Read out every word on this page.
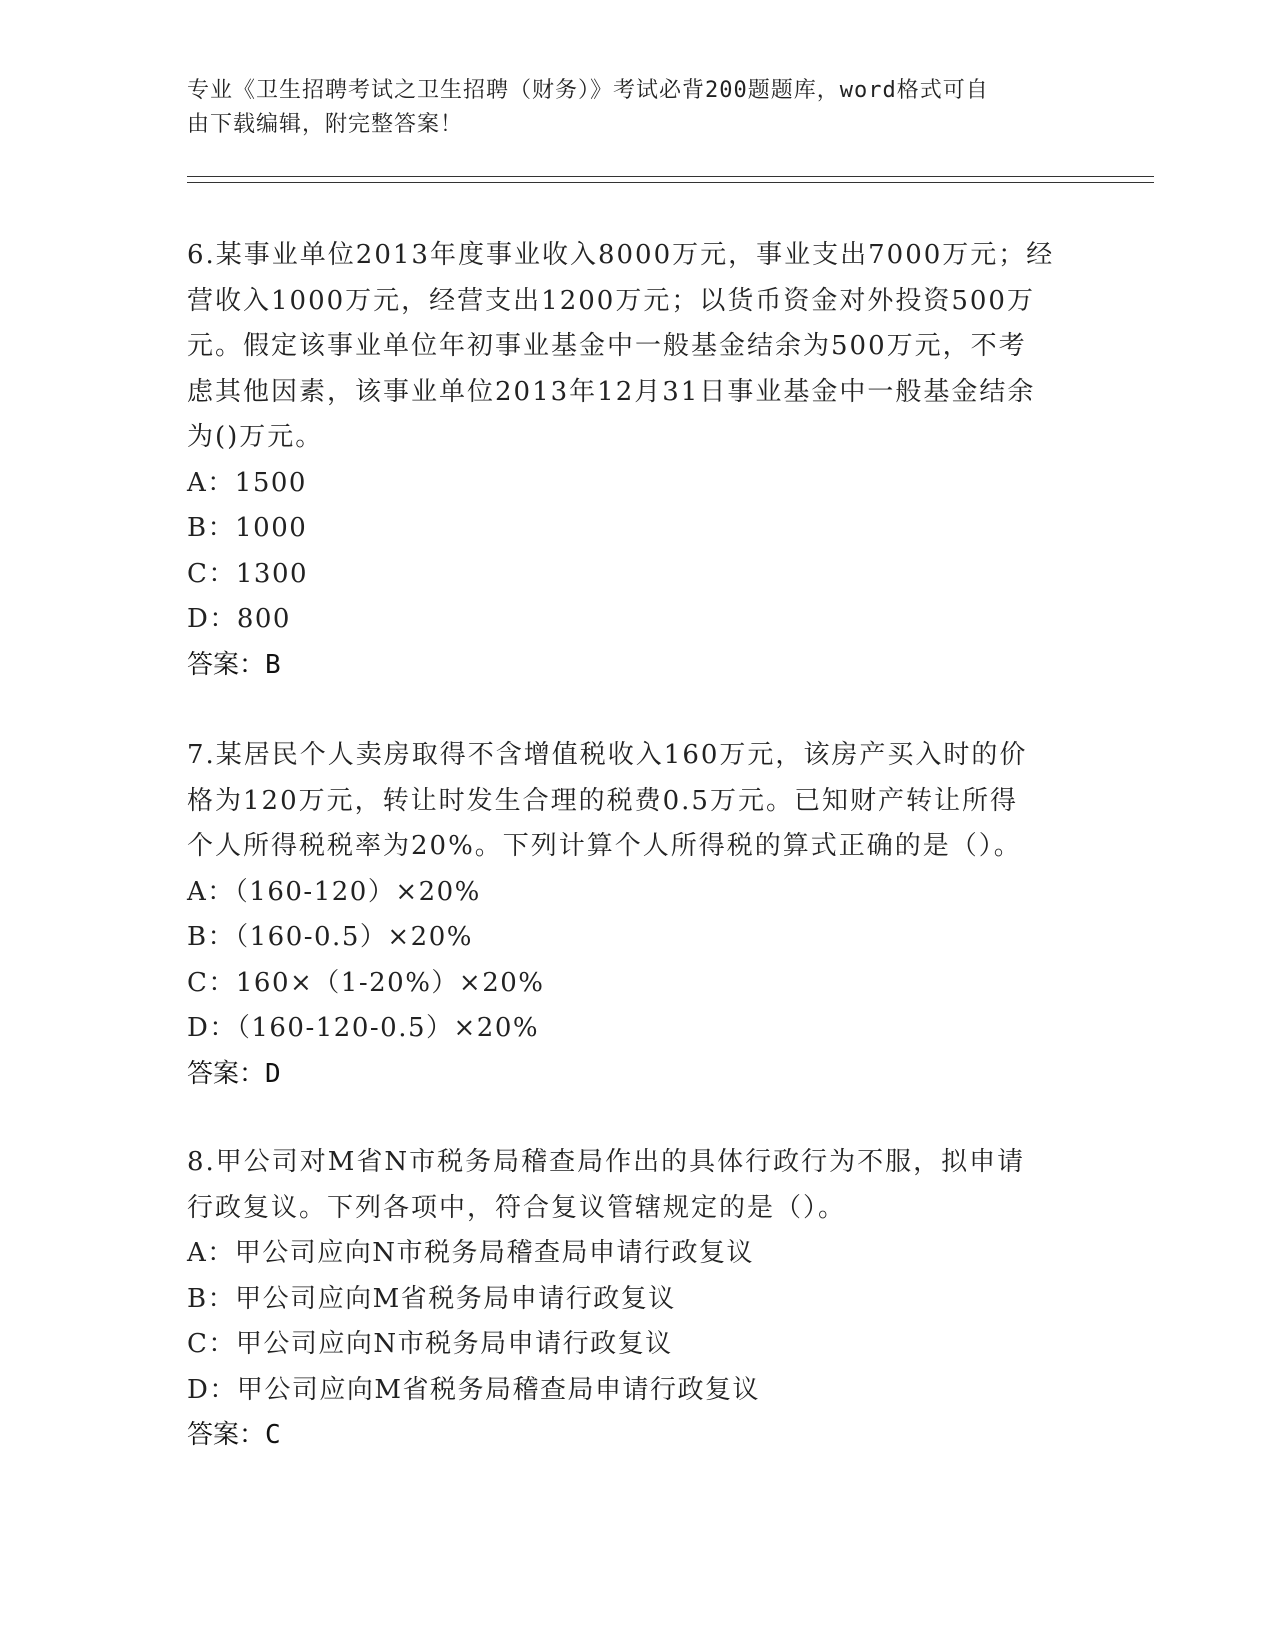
专业《卫生招聘考试之卫生招聘（财务）》考试必背200题题库，word格式可自
由下载编辑，附完整答案！

6.某事业单位2013年度事业收入8000万元，事业支出7000万元；经

营收入1000万元，经营支出1200万元；以货币资金对外投资500万

元。假定该事业单位年初事业基金中一般基金结余为500万元，不考

虑其他因素，该事业单位2013年12月31日事业基金中一般基金结余

为()万元。

A：1500

B：1000

C：1300

D：800

答案：B

7.某居民个人卖房取得不含增值税收入160万元，该房产买入时的价

格为120万元，转让时发生合理的税费0.5万元。已知财产转让所得

个人所得税税率为20%。下列计算个人所得税的算式正确的是（）。

A：（160-120）×20%

B：（160-0.5）×20%

C：160×（1-20%）×20%

D：（160-120-0.5）×20%

答案：D

8.甲公司对M省N市税务局稽查局作出的具体行政行为不服，拟申请

行政复议。下列各项中，符合复议管辖规定的是（）。

A：甲公司应向N市税务局稽查局申请行政复议

B：甲公司应向M省税务局申请行政复议

C：甲公司应向N市税务局申请行政复议

D：甲公司应向M省税务局稽查局申请行政复议

答案：C
